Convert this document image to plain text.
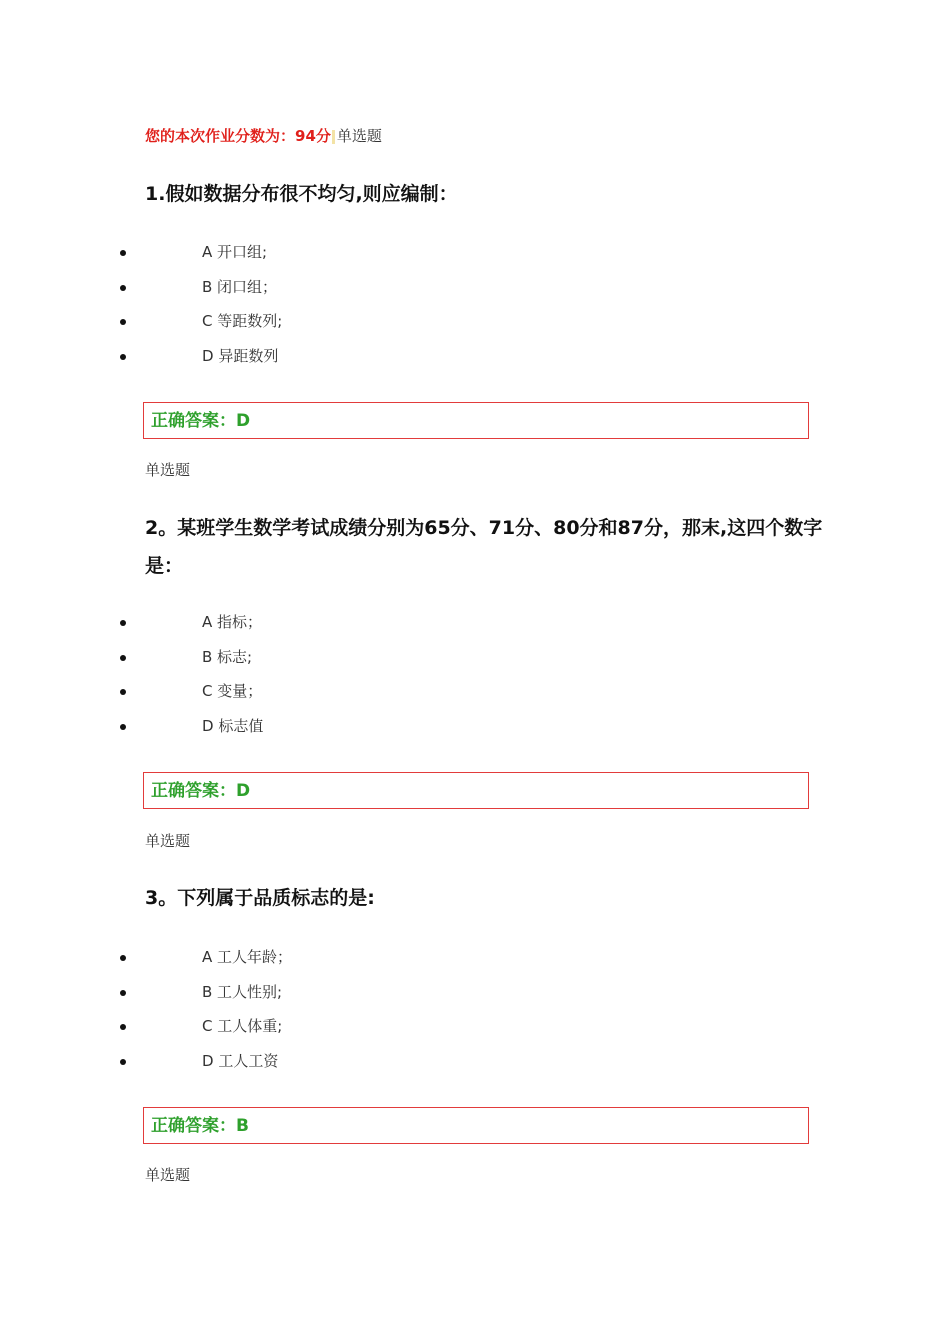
您的本次作业分数为：94分 单选题
1.假如数据分布很不均匀,则应编制：
A 开口组;
B 闭口组；
C 等距数列;
D 异距数列
正确答案：D
单选题
2。某班学生数学考试成绩分别为65分、71分、80分和87分，那末,这四个数字是：
A 指标；
B 标志;
C 变量；
D 标志值
正确答案：D
单选题
3。下列属于品质标志的是:
A 工人年龄；
B 工人性别;
C 工人体重;
D 工人工资
正确答案：B
单选题
